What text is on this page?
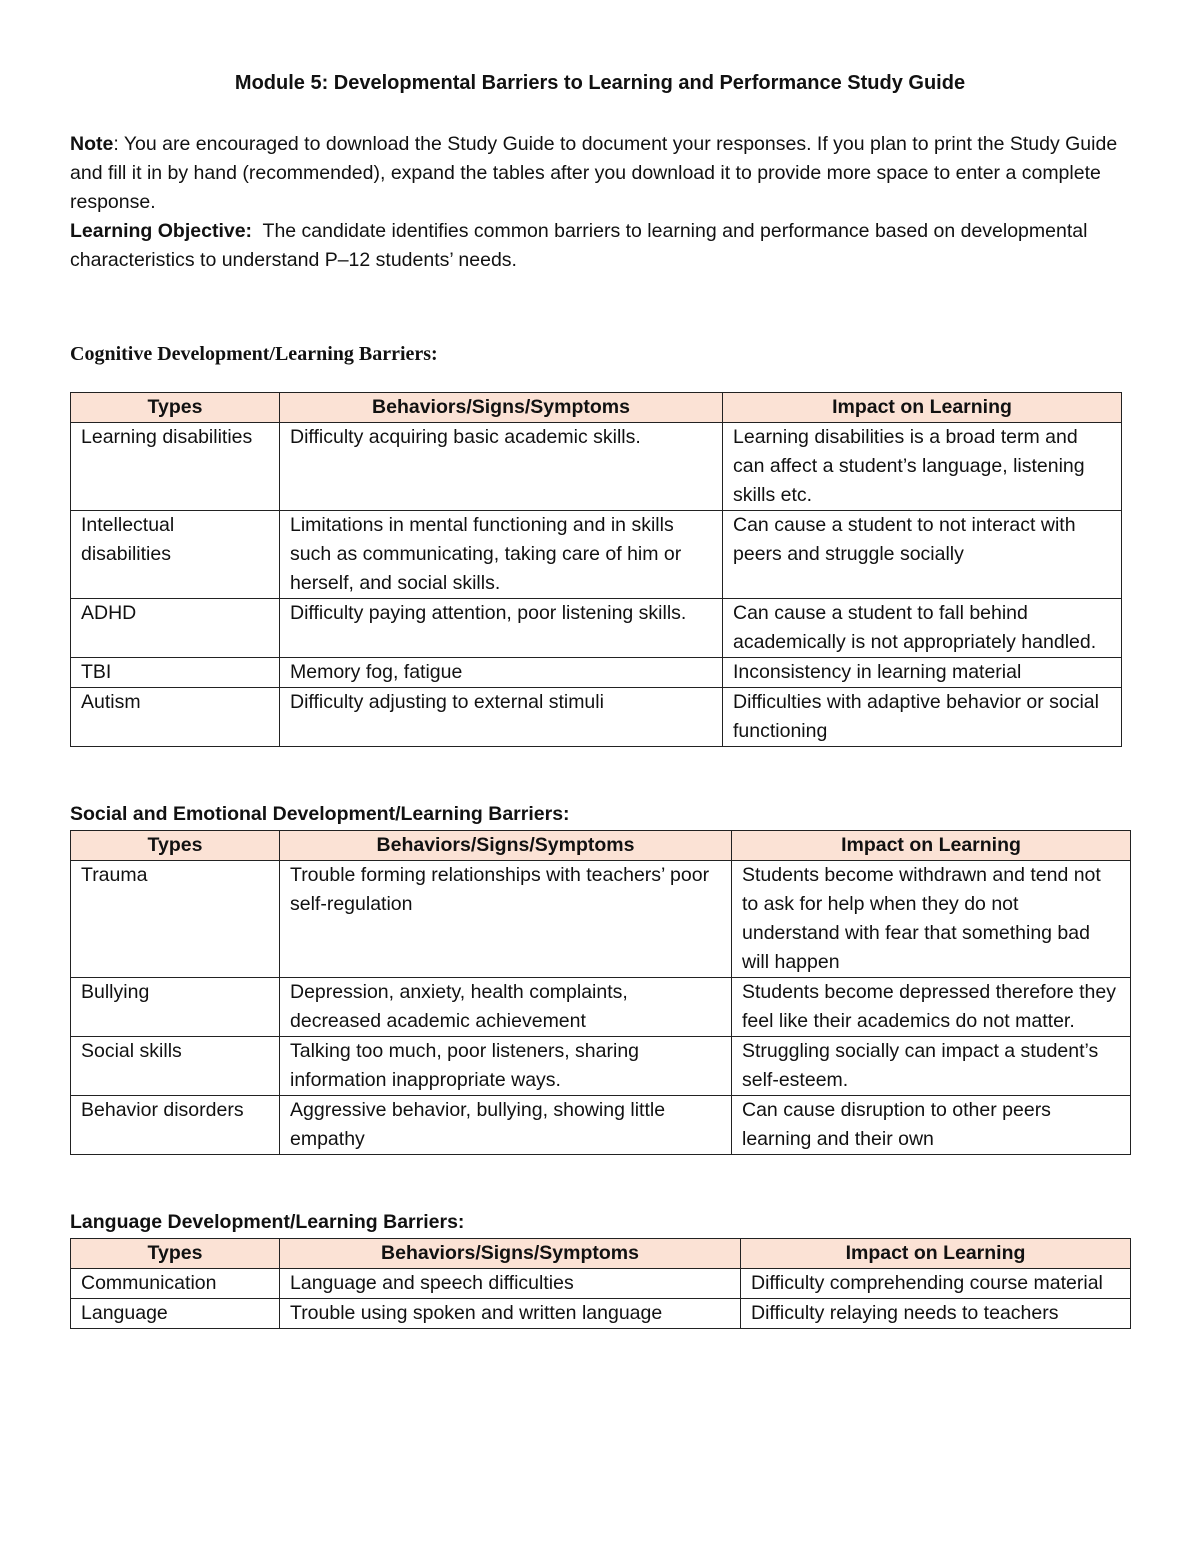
Module 5: Developmental Barriers to Learning and Performance Study Guide
Note: You are encouraged to download the Study Guide to document your responses. If you plan to print the Study Guide and fill it in by hand (recommended), expand the tables after you download it to provide more space to enter a complete response.
Learning Objective:  The candidate identifies common barriers to learning and performance based on developmental characteristics to understand P–12 students’ needs.
Cognitive Development/Learning Barriers:
Types	Behaviors/Signs/Symptoms	Impact on Learning
Learning disabilities	Difficulty acquiring basic academic skills.	Learning disabilities is a broad term and can affect a student’s language, listening skills etc.
Intellectual disabilities	Limitations in mental functioning and in skills such as communicating, taking care of him or herself, and social skills.	Can cause a student to not interact with peers and struggle socially
ADHD	Difficulty paying attention, poor listening skills.	Can cause a student to fall behind academically is not appropriately handled.
TBI	Memory fog, fatigue	Inconsistency in learning material
Autism	Difficulty adjusting to external stimuli	Difficulties with adaptive behavior or social functioning
Social and Emotional Development/Learning Barriers:
Types	Behaviors/Signs/Symptoms	Impact on Learning
Trauma	Trouble forming relationships with teachers’ poor self-regulation	Students become withdrawn and tend not to ask for help when they do not understand with fear that something bad will happen
Bullying	Depression, anxiety, health complaints, decreased academic achievement	Students become depressed therefore they feel like their academics do not matter.
Social skills	Talking too much, poor listeners, sharing information inappropriate ways.	Struggling socially can impact a student’s self-esteem.
Behavior disorders	Aggressive behavior, bullying, showing little empathy	Can cause disruption to other peers learning and their own
Language Development/Learning Barriers:
Types	Behaviors/Signs/Symptoms	Impact on Learning
Communication	Language and speech difficulties	Difficulty comprehending course material
Language	Trouble using spoken and written language	Difficulty relaying needs to teachers
